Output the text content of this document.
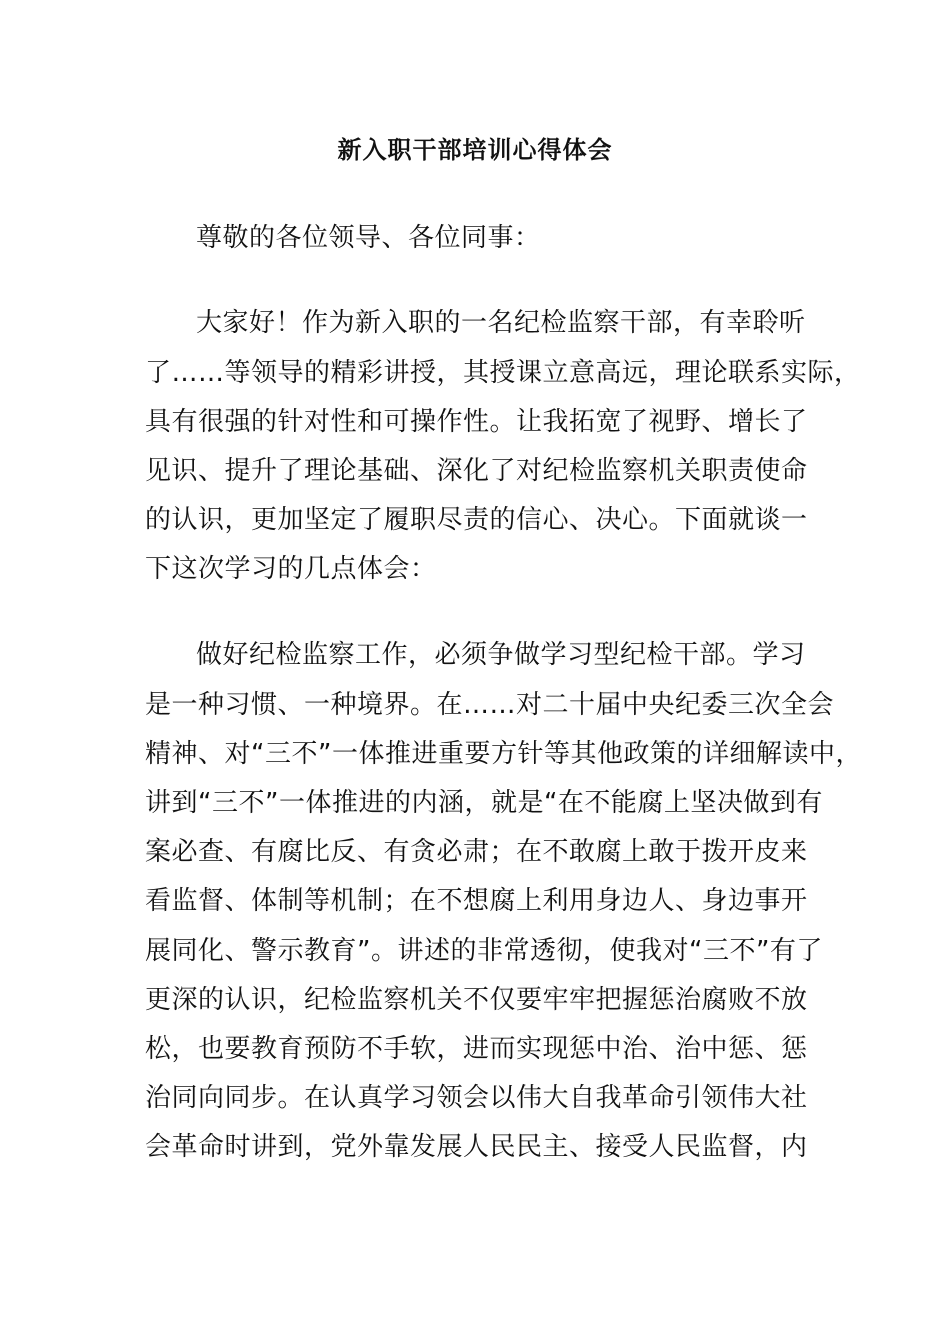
新入职干部培训心得体会
尊敬的各位领导、各位同事：
大家好！作为新入职的一名纪检监察干部，有幸聆听
了……等领导的精彩讲授，其授课立意高远，理论联系实际，
具有很强的针对性和可操作性。让我拓宽了视野、增长了
见识、提升了理论基础、深化了对纪检监察机关职责使命
的认识，更加坚定了履职尽责的信心、决心。下面就谈一
下这次学习的几点体会：
做好纪检监察工作，必须争做学习型纪检干部。学习
是一种习惯、一种境界。在……对二十届中央纪委三次全会
精神、对“三不”一体推进重要方针等其他政策的详细解读中，
讲到“三不”一体推进的内涵，就是“在不能腐上坚决做到有
案必查、有腐比反、有贪必肃；在不敢腐上敢于拨开皮来
看监督、体制等机制；在不想腐上利用身边人、身边事开
展同化、警示教育”。讲述的非常透彻，使我对“三不”有了
更深的认识，纪检监察机关不仅要牢牢把握惩治腐败不放
松，也要教育预防不手软，进而实现惩中治、治中惩、惩
治同向同步。在认真学习领会以伟大自我革命引领伟大社
会革命时讲到，党外靠发展人民民主、接受人民监督，内
